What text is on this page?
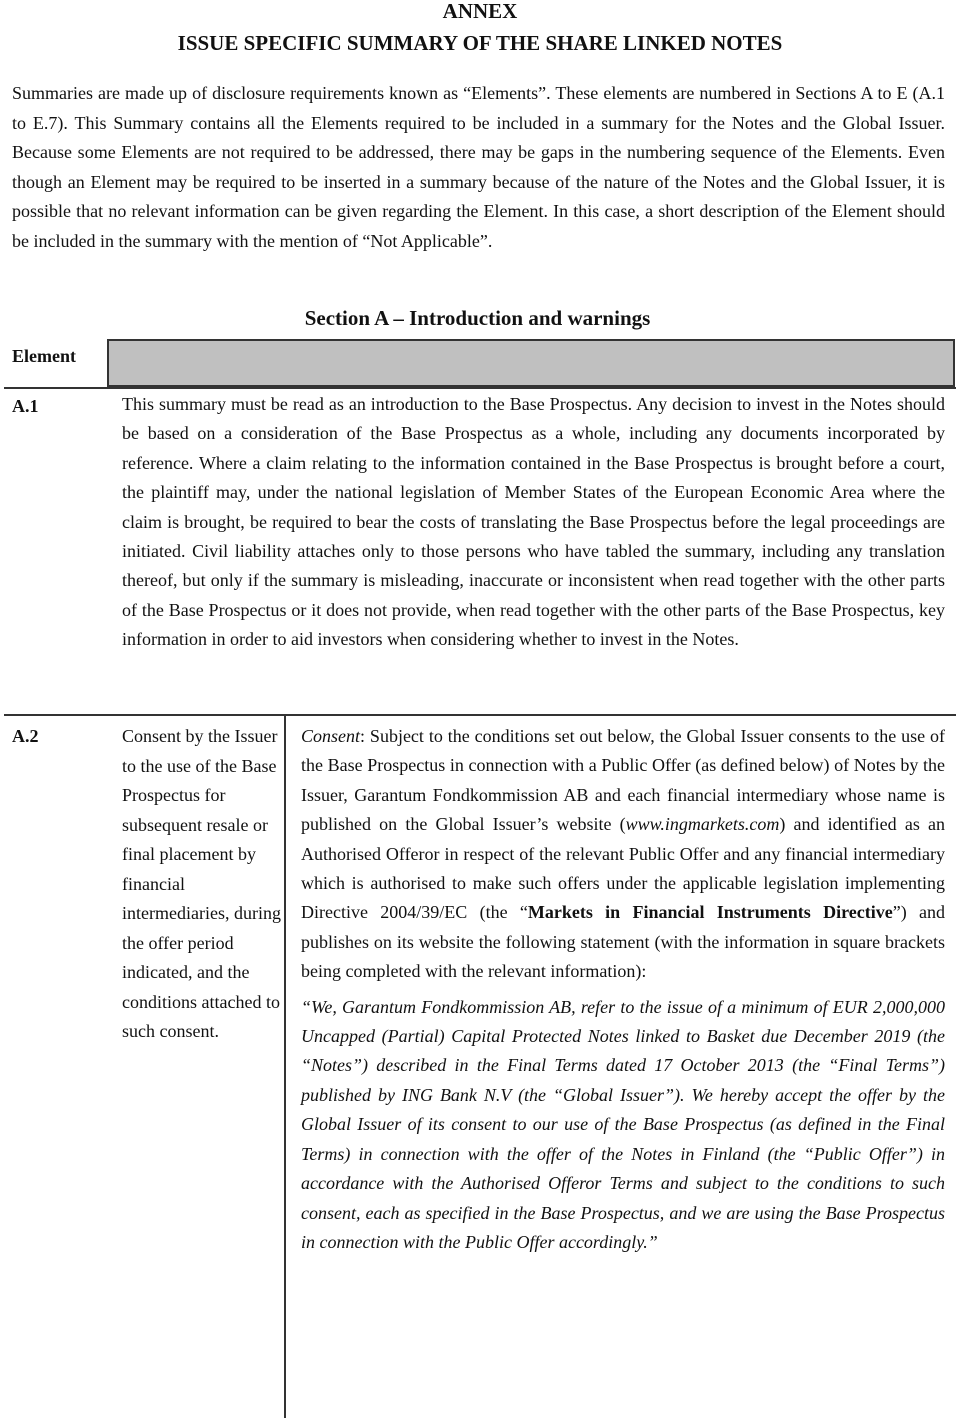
ANNEX
ISSUE SPECIFIC SUMMARY OF THE SHARE LINKED NOTES

Summaries are made up of disclosure requirements known as “Elements”. These elements are numbered in Sections A to E (A.1 to E.7). This Summary contains all the Elements required to be included in a summary for the Notes and the Global Issuer. Because some Elements are not required to be addressed, there may be gaps in the numbering sequence of the Elements. Even though an Element may be required to be inserted in a summary because of the nature of the Notes and the Global Issuer, it is possible that no relevant information can be given regarding the Element. In this case, a short description of the Element should be included in the summary with the mention of “Not Applicable”.

Section A – Introduction and warnings
Element
A.1	This summary must be read as an introduction to the Base Prospectus. Any decision to invest in the Notes should be based on a consideration of the Base Prospectus as a whole, including any documents incorporated by reference. Where a claim relating to the information contained in the Base Prospectus is brought before a court, the plaintiff may, under the national legislation of Member States of the European Economic Area where the claim is brought, be required to bear the costs of translating the Base Prospectus before the legal proceedings are initiated. Civil liability attaches only to those persons who have tabled the summary, including any translation thereof, but only if the summary is misleading, inaccurate or inconsistent when read together with the other parts of the Base Prospectus or it does not provide, when read together with the other parts of the Base Prospectus, key information in order to aid investors when considering whether to invest in the Notes.

A.2	Consent by the Issuer to the use of the Base Prospectus for subsequent resale or final placement by financial intermediaries, during the offer period indicated, and the conditions attached to such consent.

Consent: Subject to the conditions set out below, the Global Issuer consents to the use of the Base Prospectus in connection with a Public Offer (as defined below) of Notes by the Issuer, Garantum Fondkommission AB and each financial intermediary whose name is published on the Global Issuer’s website (www.ingmarkets.com) and identified as an Authorised Offeror in respect of the relevant Public Offer and any financial intermediary which is authorised to make such offers under the applicable legislation implementing Directive 2004/39/EC (the “Markets in Financial Instruments Directive”) and publishes on its website the following statement (with the information in square brackets being completed with the relevant information):

“We, Garantum Fondkommission AB, refer to the issue of a minimum of EUR 2,000,000 Uncapped (Partial) Capital Protected Notes linked to Basket due December 2019 (the “Notes”) described in the Final Terms dated 17 October 2013 (the “Final Terms”) published by ING Bank N.V (the “Global Issuer”). We hereby accept the offer by the Global Issuer of its consent to our use of the Base Prospectus (as defined in the Final Terms) in connection with the offer of the Notes in Finland (the “Public Offer”) in accordance with the Authorised Offeror Terms and subject to the conditions to such consent, each as specified in the Base Prospectus, and we are using the Base Prospectus in connection with the Public Offer accordingly.”
